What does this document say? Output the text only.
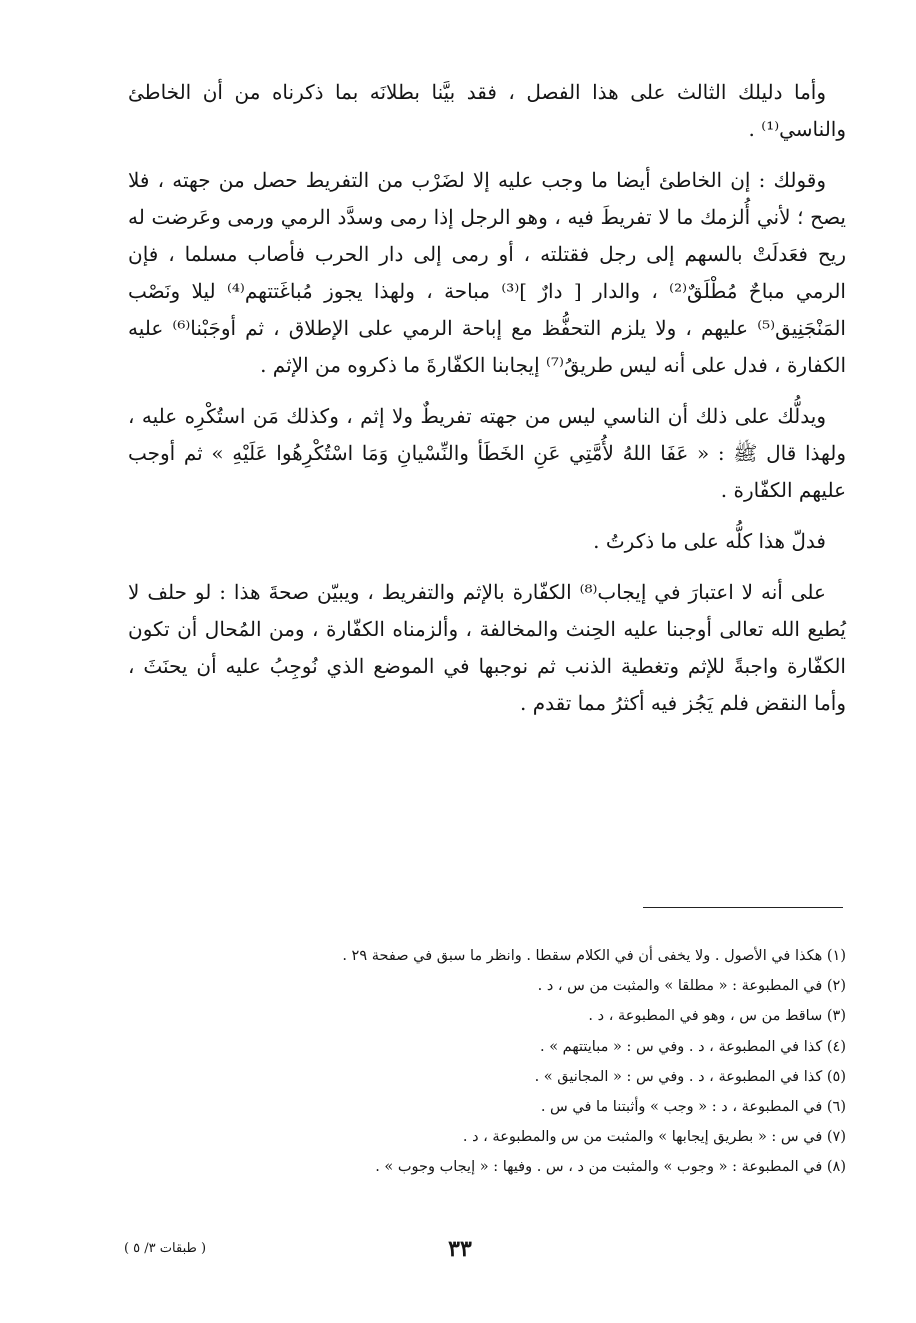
وأما دليلك الثالث على هذا الفصل ، فقد بيَّنا بطلانَه بما ذكرناه من أن الخاطئ والناسي⁽¹⁾ .

وقولك : إن الخاطئ أيضا ما وجب عليه إلا لضَرْب من التفريط حصل من جهته ، فلا يصح ؛ لأني أُلزمك ما لا تفريطَ فيه ، وهو الرجل إذا رمى وسدَّد الرمي ورمى وعَرضت له ريح فعَدلَتْ بالسهم إلى رجل فقتلته ، أو رمى إلى دار الحرب فأصاب مسلما ، فإن الرمي مباحٌ مُطْلَقٌ⁽²⁾ ، والدار [ دارٌ ]⁽³⁾ مباحة ، ولهذا يجوز مُباغَتتهم⁽⁴⁾ ليلا ونَصْب المَنْجَنِيق⁽⁵⁾ عليهم ، ولا يلزم التحفُّظ مع إباحة الرمي على الإطلاق ، ثم أوجَبْنا⁽⁶⁾ عليه الكفارة ، فدل على أنه ليس طريقُ⁽⁷⁾ إيجابنا الكفّارةَ ما ذكروه من الإثم .

ويدلُّك على ذلك أن الناسي ليس من جهته تفريطٌ ولا إثم ، وكذلك مَن استُكْرِه عليه ، ولهذا قال ﷺ : « عَفَا اللهُ لأُمَّتِي عَنِ الخَطَأ والنِّسْيانِ وَمَا اسْتُكْرِهُوا عَلَيْهِ » ثم أوجب عليهم الكفّارة .

فدلّ هذا كلُّه على ما ذكرتُ .

على أنه لا اعتبارَ في إيجاب⁽⁸⁾ الكفّارة بالإثم والتفريط ، ويبيّن صحةَ هذا : لو حلف لا يُطيع الله تعالى أوجبنا عليه الحِنث والمخالفة ، وألزمناه الكفّارة ، ومن المُحال أن تكون الكفّارة واجبةً للإثم وتغطية الذنب ثم نوجبها في الموضع الذي نُوجِبُ عليه أن يحنَثَ ، وأما النقض فلم يَجُز فيه أكثرُ مما تقدم .

(١) هكذا في الأصول . ولا يخفى أن في الكلام سقطا . وانظر ما سبق في صفحة ٢٩ .
(٢) في المطبوعة : « مطلقا » والمثبت من س ، د .
(٣) ساقط من س ، وهو في المطبوعة ، د .
(٤) كذا في المطبوعة ، د . وفي س : « مبايتتهم » .
(٥) كذا في المطبوعة ، د . وفي س : « المجانيق » .
(٦) في المطبوعة ، د : « وجب » وأثبتنا ما في س .
(٧) في س : « بطريق إيجابها » والمثبت من س والمطبوعة ، د .
(٨) في المطبوعة : « وجوب » والمثبت من د ، س . وفيها : « إيجاب وجوب » .
٣٣
( طبقات ٣/ ٥ )
